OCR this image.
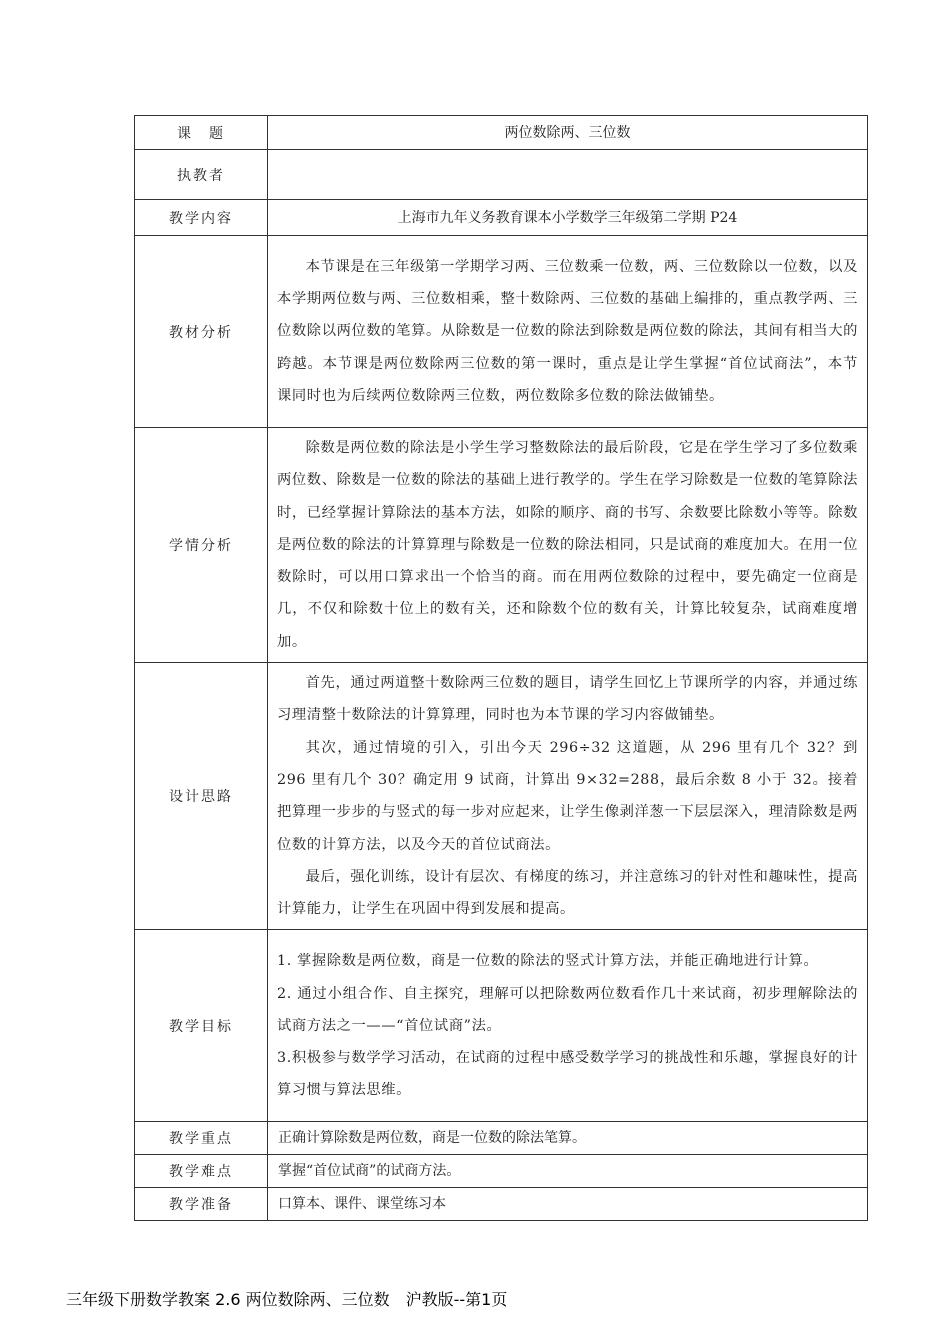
课　题	两位数除两、三位数
执教者	
教学内容	上海市九年义务教育课本小学数学三年级第二学期 P24
教材分析	本节课是在三年级第一学期学习两、三位数乘一位数，两、三位数除以一位数，以及本学期两位数与两、三位数相乘，整十数除两、三位数的基础上编排的，重点教学两、三位数除以两位数的笔算。从除数是一位数的除法到除数是两位数的除法，其间有相当大的跨越。本节课是两位数除两三位数的第一课时，重点是让学生掌握“首位试商法”，本节课同时也为后续两位数除两三位数，两位数除多位数的除法做铺垫。

学情分析	除数是两位数的除法是小学生学习整数除法的最后阶段，它是在学生学习了多位数乘两位数、除数是一位数的除法的基础上进行教学的。学生在学习除数是一位数的笔算除法时，已经掌握计算除法的基本方法，如除的顺序、商的书写、余数要比除数小等等。除数是两位数的除法的计算算理与除数是一位数的除法相同，只是试商的难度加大。在用一位数除时，可以用口算求出一个恰当的商。而在用两位数除的过程中，要先确定一位商是几，不仅和除数十位上的数有关，还和除数个位的数有关，计算比较复杂，试商难度增加。

设计思路	首先，通过两道整十数除两三位数的题目，请学生回忆上节课所学的内容，并通过练习理清整十数除法的计算算理，同时也为本节课的学习内容做铺垫。

其次，通过情境的引入，引出今天 296÷32 这道题，从 296 里有几个 32？到 296 里有几个 30？确定用 9 试商，计算出 9×32=288，最后余数 8 小于 32。接着把算理一步步的与竖式的每一步对应起来，让学生像剥洋葱一下层层深入，理清除数是两位数的计算方法，以及今天的首位试商法。

最后，强化训练，设计有层次、有梯度的练习，并注意练习的针对性和趣味性，提高计算能力，让学生在巩固中得到发展和提高。

教学目标	1. 掌握除数是两位数，商是一位数的除法的竖式计算方法，并能正确地进行计算。

2. 通过小组合作、自主探究，理解可以把除数两位数看作几十来试商，初步理解除法的试商方法之一——“首位试商”法。

3.积极参与数学学习活动，在试商的过程中感受数学学习的挑战性和乐趣，掌握良好的计算习惯与算法思维。

教学重点	正确计算除数是两位数，商是一位数的除法笔算。
教学难点	掌握“首位试商”的试商方法。
教学准备	口算本、课件、课堂练习本
三年级下册数学教案 2.6 两位数除两、三位数　沪教版--第1页
